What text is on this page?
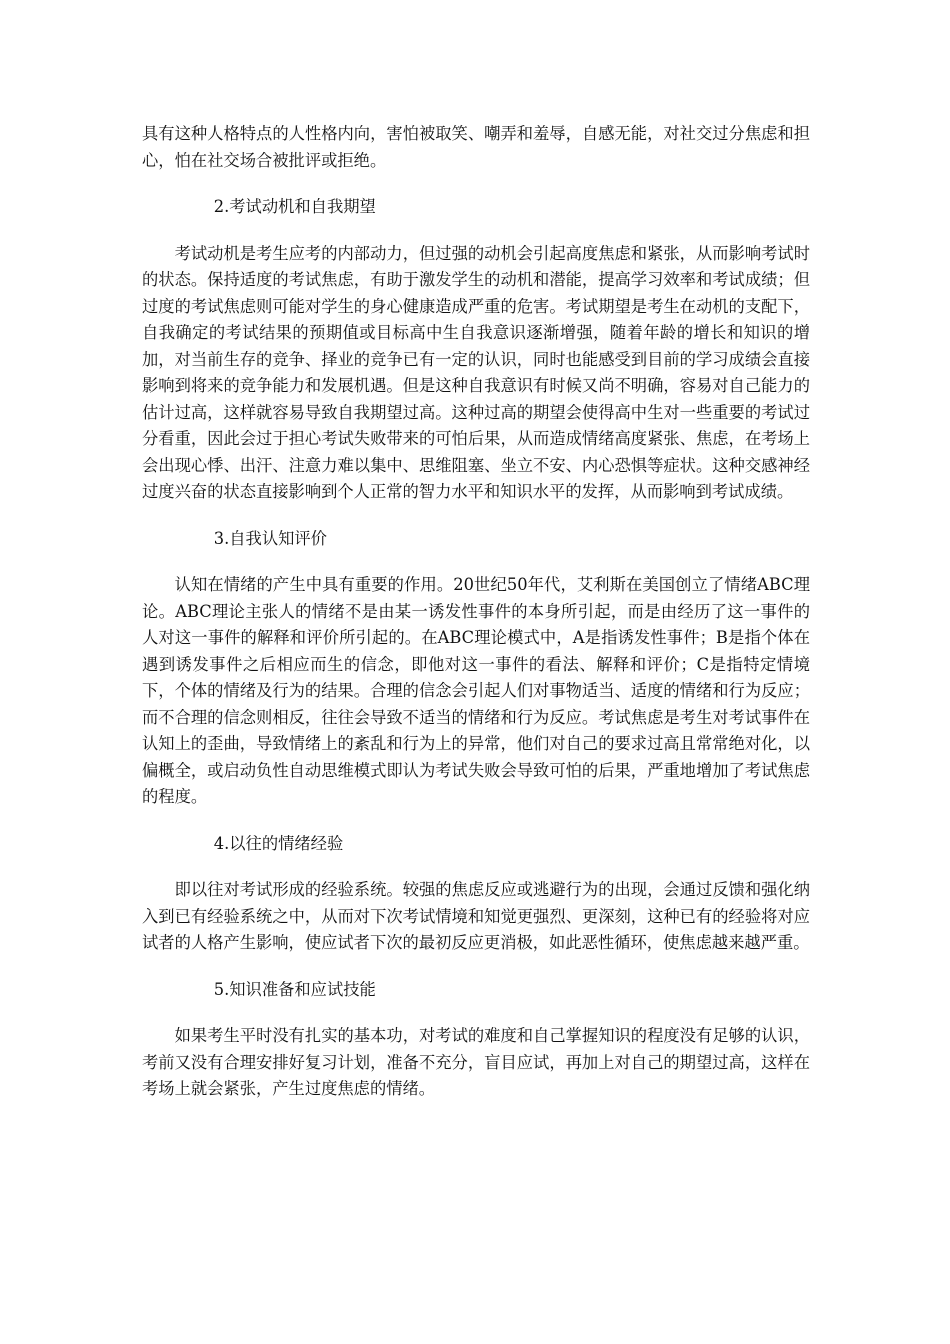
具有这种人格特点的人性格内向，害怕被取笑、嘲弄和羞辱，自感无能，对社交过分焦虑和担心，怕在社交场合被批评或拒绝。

2.考试动机和自我期望

考试动机是考生应考的内部动力，但过强的动机会引起高度焦虑和紧张，从而影响考试时的状态。保持适度的考试焦虑，有助于激发学生的动机和潜能，提高学习效率和考试成绩；但过度的考试焦虑则可能对学生的身心健康造成严重的危害。考试期望是考生在动机的支配下，自我确定的考试结果的预期值或目标高中生自我意识逐渐增强，随着年龄的增长和知识的增加，对当前生存的竞争、择业的竞争已有一定的认识，同时也能感受到目前的学习成绩会直接影响到将来的竞争能力和发展机遇。但是这种自我意识有时候又尚不明确，容易对自己能力的估计过高，这样就容易导致自我期望过高。这种过高的期望会使得高中生对一些重要的考试过分看重，因此会过于担心考试失败带来的可怕后果，从而造成情绪高度紧张、焦虑，在考场上会出现心悸、出汗、注意力难以集中、思维阻塞、坐立不安、内心恐惧等症状。这种交感神经过度兴奋的状态直接影响到个人正常的智力水平和知识水平的发挥，从而影响到考试成绩。

3.自我认知评价

认知在情绪的产生中具有重要的作用。20世纪50年代，艾利斯在美国创立了情绪ABC理论。ABC理论主张人的情绪不是由某一诱发性事件的本身所引起，而是由经历了这一事件的人对这一事件的解释和评价所引起的。在ABC理论模式中，A是指诱发性事件；B是指个体在遇到诱发事件之后相应而生的信念，即他对这一事件的看法、解释和评价；C是指特定情境下，个体的情绪及行为的结果。合理的信念会引起人们对事物适当、适度的情绪和行为反应；而不合理的信念则相反，往往会导致不适当的情绪和行为反应。考试焦虑是考生对考试事件在认知上的歪曲，导致情绪上的紊乱和行为上的异常，他们对自己的要求过高且常常绝对化，以偏概全，或启动负性自动思维模式即认为考试失败会导致可怕的后果，严重地增加了考试焦虑的程度。

4.以往的情绪经验

即以往对考试形成的经验系统。较强的焦虑反应或逃避行为的出现，会通过反馈和强化纳入到已有经验系统之中，从而对下次考试情境和知觉更强烈、更深刻，这种已有的经验将对应试者的人格产生影响，使应试者下次的最初反应更消极，如此恶性循环，使焦虑越来越严重。

5.知识准备和应试技能

如果考生平时没有扎实的基本功，对考试的难度和自己掌握知识的程度没有足够的认识，考前又没有合理安排好复习计划，准备不充分，盲目应试，再加上对自己的期望过高，这样在考场上就会紧张，产生过度焦虑的情绪。
